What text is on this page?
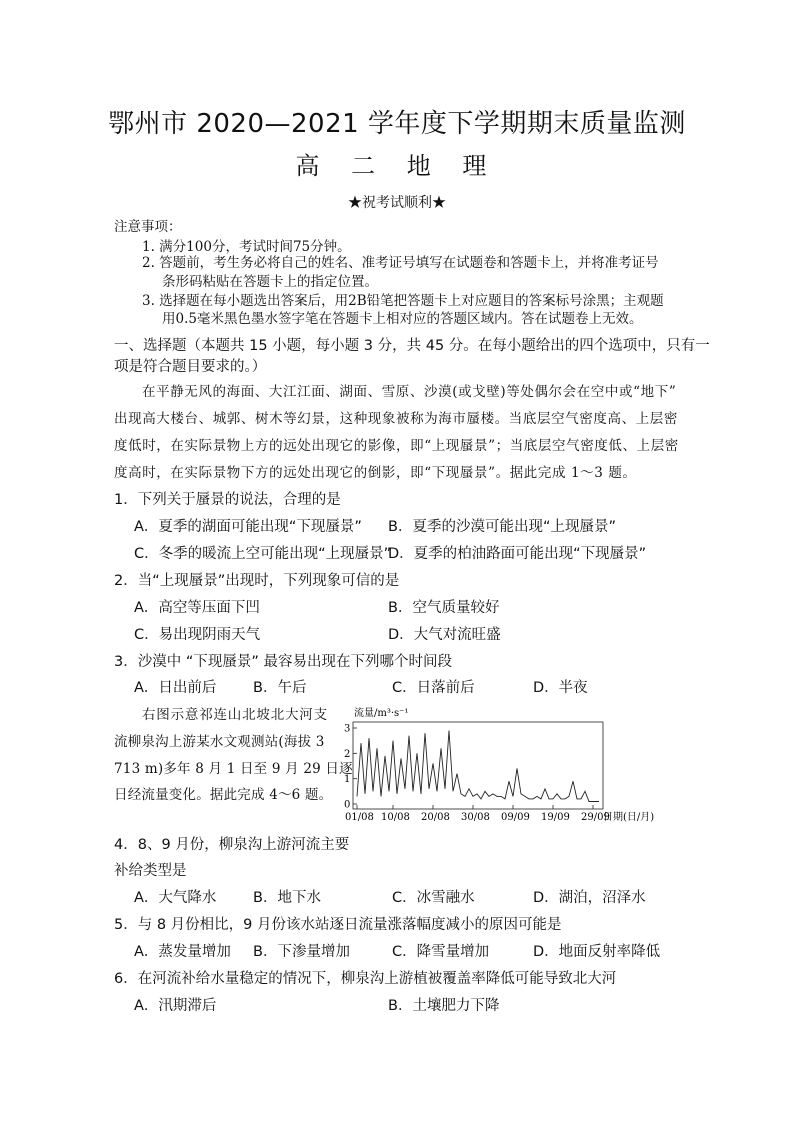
鄂州市 2020—2021 学年度下学期期末质量监测
高 二 地 理
★祝考试顺利★
注意事项：
1. 满分100分，考试时间75分钟。
2. 答题前，考生务必将自己的姓名、准考证号填写在试题卷和答题卡上，并将准考证号
条形码粘贴在答题卡上的指定位置。
3. 选择题在每小题选出答案后，用2B铅笔把答题卡上对应题目的答案标号涂黑；主观题
用0.5毫米黑色墨水签字笔在答题卡上相对应的答题区域内。答在试题卷上无效。
一、选择题（本题共 15 小题，每小题 3 分，共 45 分。在每小题给出的四个选项中，只有一
项是符合题目要求的。）
在平静无风的海面、大江江面、湖面、雪原、沙漠(或戈壁)等处偶尔会在空中或“地下”
出现高大楼台、城郭、树木等幻景，这种现象被称为海市蜃楼。当底层空气密度高、上层密
度低时，在实际景物上方的远处出现它的影像，即“上现蜃景”；当底层空气密度低、上层密
度高时，在实际景物下方的远处出现它的倒影，即“下现蜃景”。据此完成 1～3 题。
1．下列关于蜃景的说法，合理的是
A．夏季的湖面可能出现“下现蜃景” B．夏季的沙漠可能出现“上现蜃景”
C．冬季的暖流上空可能出现“上现蜃景”
D．夏季的柏油路面可能出现“下现蜃景”
2．当“上现蜃景”出现时，下列现象可信的是
A．高空等压面下凹	B．空气质量较好
C．易出现阴雨天气	D．大气对流旺盛
3．沙漠中 “下现蜃景” 最容易出现在下列哪个时间段
A．日出前后	B．午后	C．日落前后	D．半夜
右图示意祁连山北坡北大河支
流柳泉沟上游某水文观测站(海拔 3
713 m)多年 8 月 1 日至 9 月 29 日逐
日经流量变化。据此完成 4～6 题。
流量/m³·s⁻¹
0
1
2
3
01/08 10/08 20/08 30/08 09/09 19/09 29/09
日期(日/月)
4．8、9 月份，柳泉沟上游河流主要
补给类型是
A．大气降水	B．地下水	C．冰雪融水	D．湖泊，沼泽水
5．与 8 月份相比，9 月份该水站逐日流量涨落幅度减小的原因可能是
A．蒸发量增加 B．下渗量增加	C．降雪量增加	D．地面反射率降低
6．在河流补给水量稳定的情况下，柳泉沟上游植被覆盖率降低可能导致北大河
A．汛期滞后	B．土壤肥力下降
